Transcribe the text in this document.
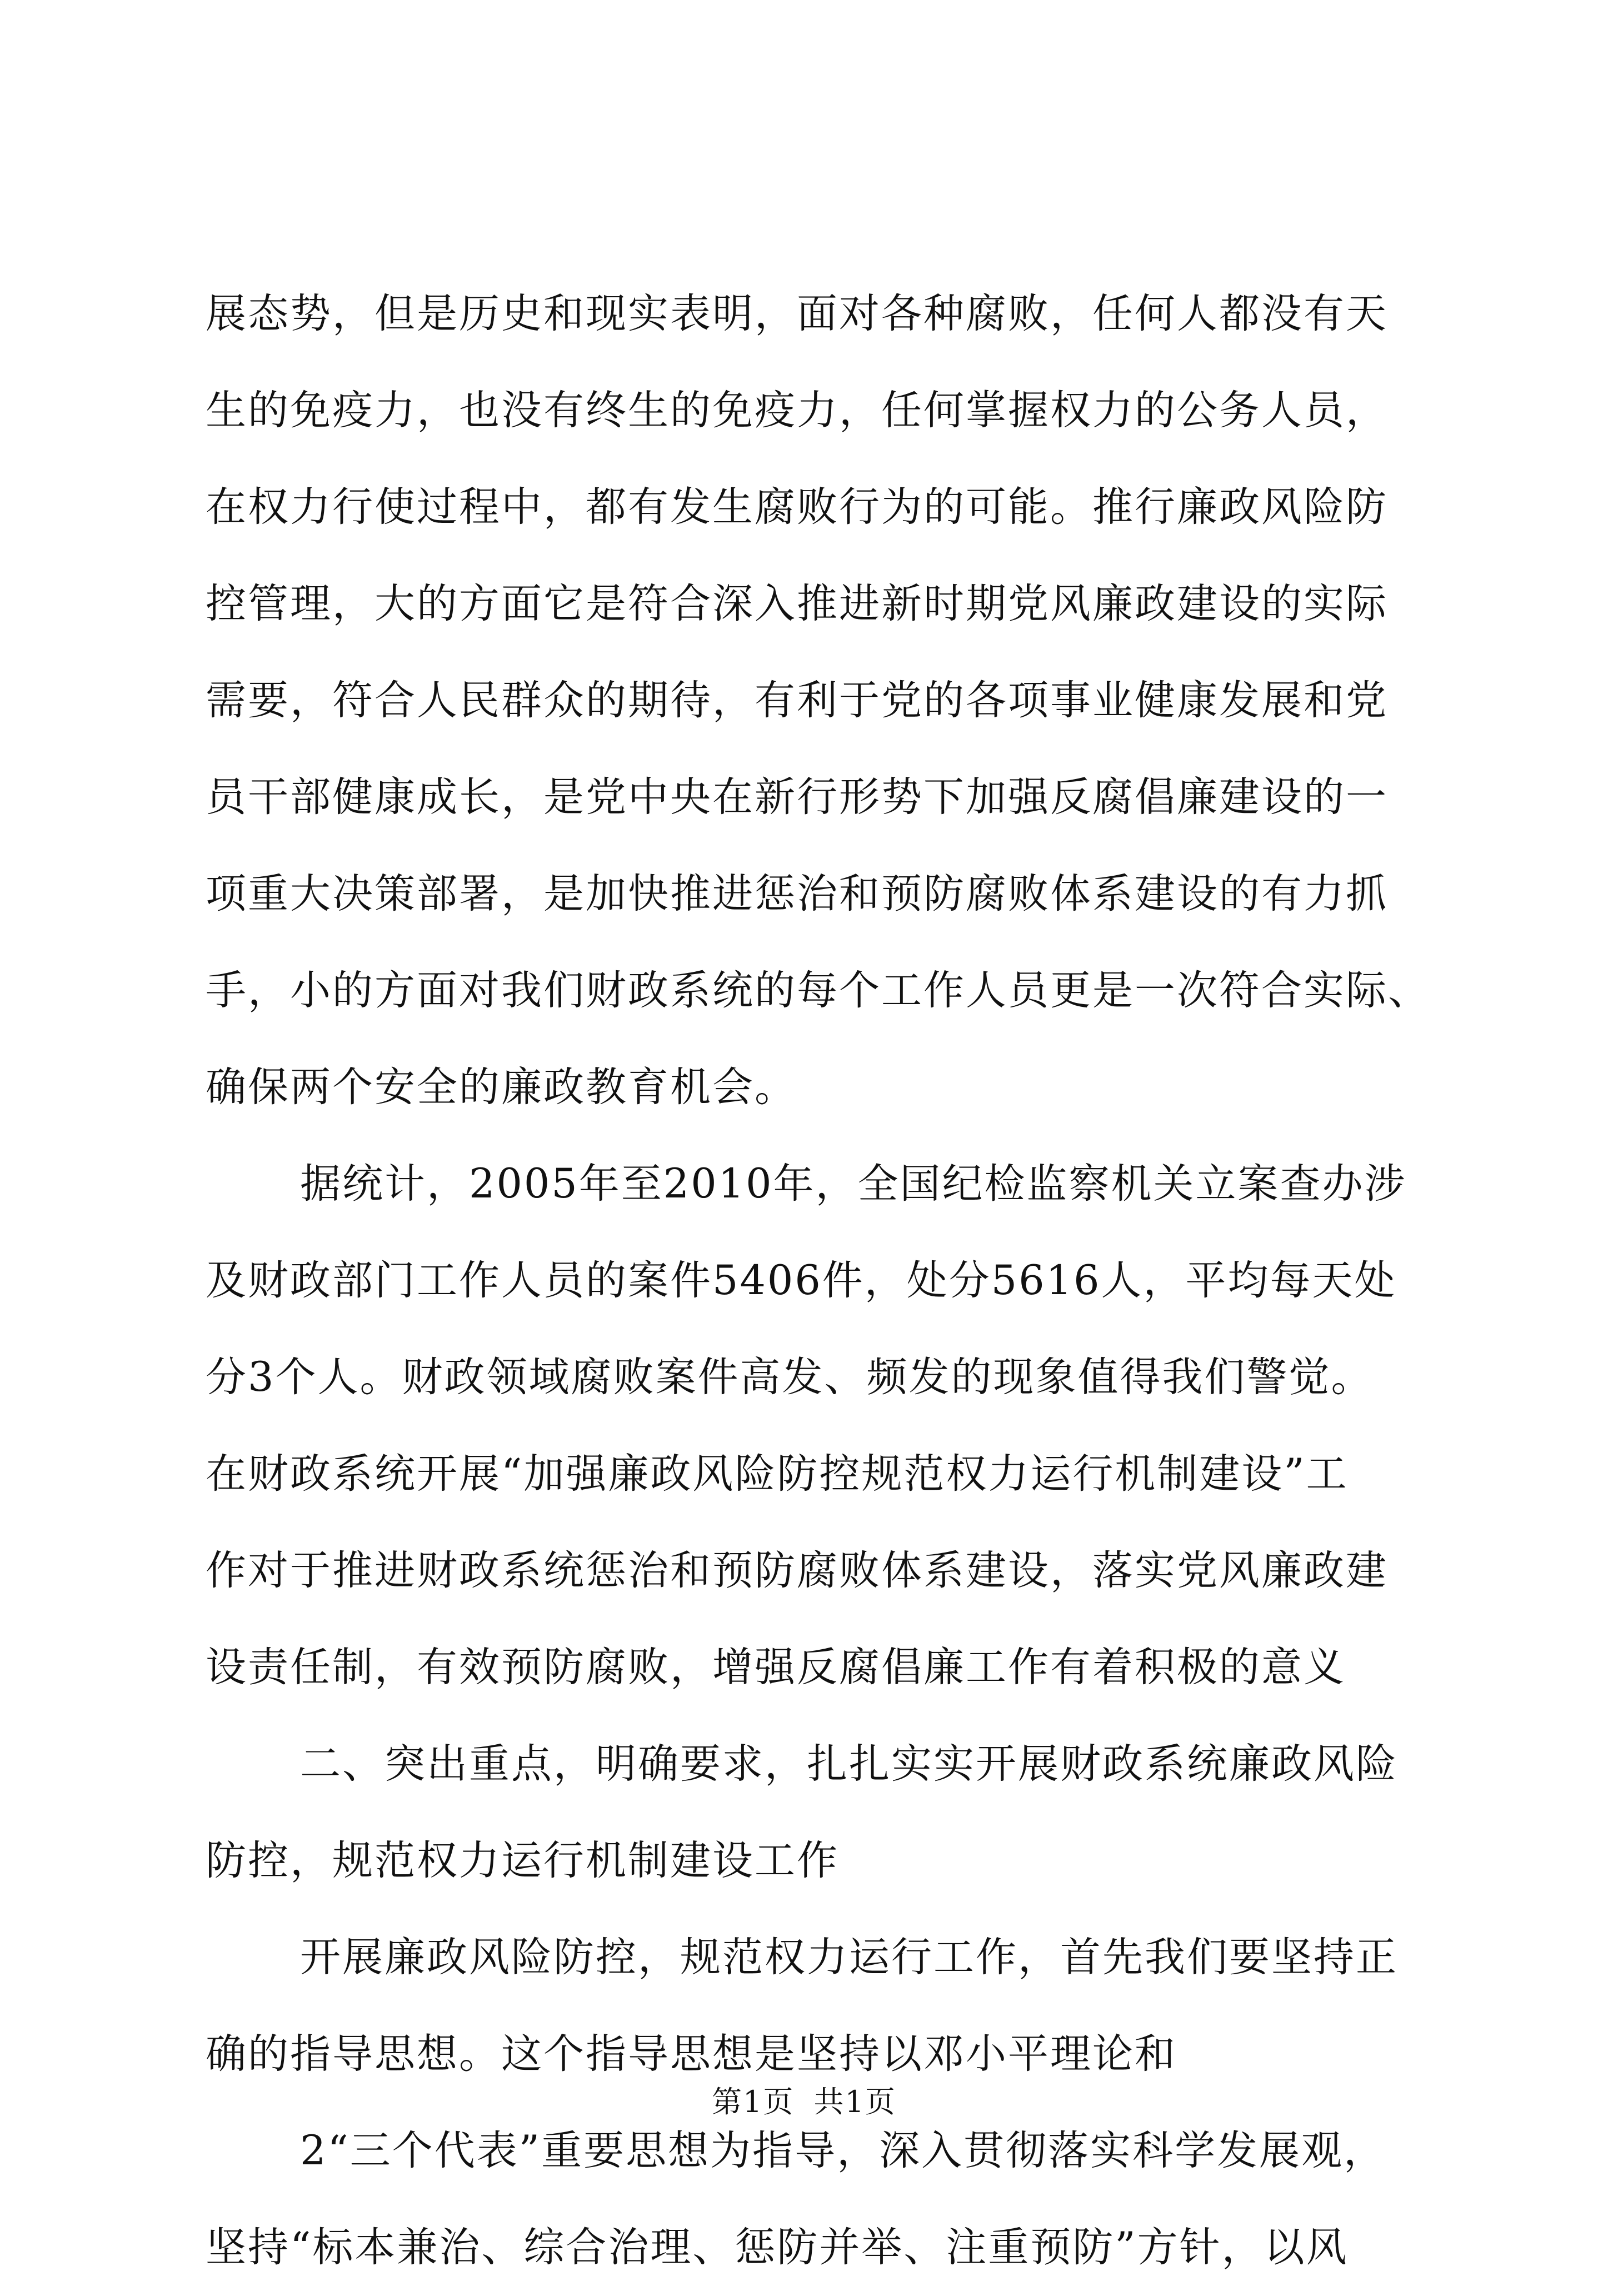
展态势，但是历史和现实表明，面对各种腐败，任何人都没有天
生的免疫力，也没有终生的免疫力，任何掌握权力的公务人员，
在权力行使过程中，都有发生腐败行为的可能。推行廉政风险防
控管理，大的方面它是符合深入推进新时期党风廉政建设的实际
需要，符合人民群众的期待，有利于党的各项事业健康发展和党
员干部健康成长，是党中央在新行形势下加强反腐倡廉建设的一
项重大决策部署，是加快推进惩治和预防腐败体系建设的有力抓
手，小的方面对我们财政系统的每个工作人员更是一次符合实际、
确保两个安全的廉政教育机会。
据统计，2005年至2010年，全国纪检监察机关立案查办涉
及财政部门工作人员的案件5406件，处分5616人，平均每天处
分3个人。财政领域腐败案件高发、频发的现象值得我们警觉。
在财政系统开展“加强廉政风险防控规范权力运行机制建设”工
作对于推进财政系统惩治和预防腐败体系建设，落实党风廉政建
设责任制，有效预防腐败，增强反腐倡廉工作有着积极的意义
二、突出重点，明确要求，扎扎实实开展财政系统廉政风险
防控，规范权力运行机制建设工作
开展廉政风险防控，规范权力运行工作，首先我们要坚持正
确的指导思想。这个指导思想是坚持以邓小平理论和
2“三个代表”重要思想为指导，深入贯彻落实科学发展观，
坚持“标本兼治、综合治理、惩防并举、注重预防”方针，以风
第1页 共1页
